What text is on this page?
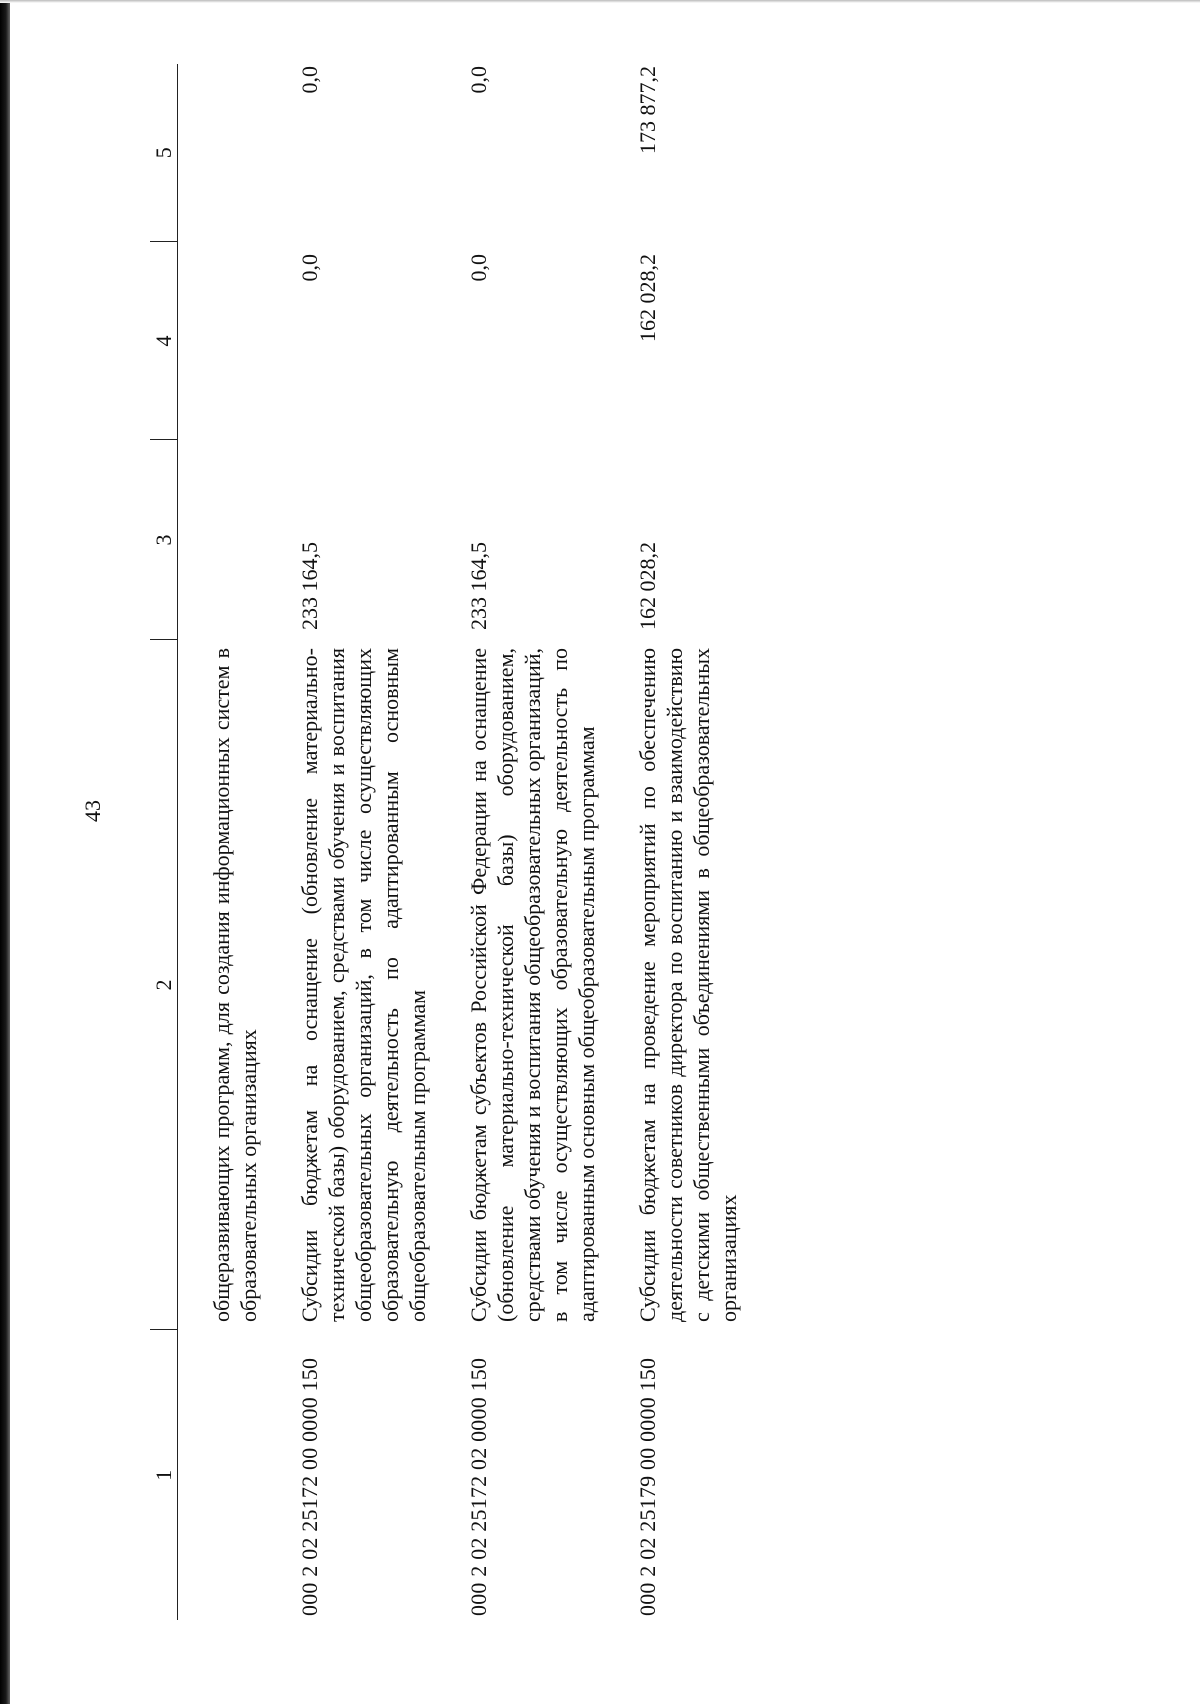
43
1	2	3	4	5
	общеразвивающих программ, для создания информационных систем в образовательных организациях			
000 2 02 25172 00 0000 150	Субсидии бюджетам на оснащение (обновление материально-технической базы) оборудованием, средствами обучения и воспитания общеобразовательных организаций, в том числе осуществляющих образовательную деятельность по адаптированным основным общеобразовательным программам	233 164,5	0,0	0,0
000 2 02 25172 02 0000 150	Субсидии бюджетам субъектов Российской Федерации на оснащение (обновление материально-технической базы) оборудованием, средствами обучения и воспитания общеобразовательных организаций, в том числе осуществляющих образовательную деятельность по адаптированным основным общеобразовательным программам	233 164,5	0,0	0,0
000 2 02 25179 00 0000 150	Субсидии бюджетам на проведение мероприятий по обеспечению деятельности советников директора по воспитанию и взаимодействию с детскими общественными объединениями в общеобразовательных организациях	162 028,2	162 028,2	173 877,2
